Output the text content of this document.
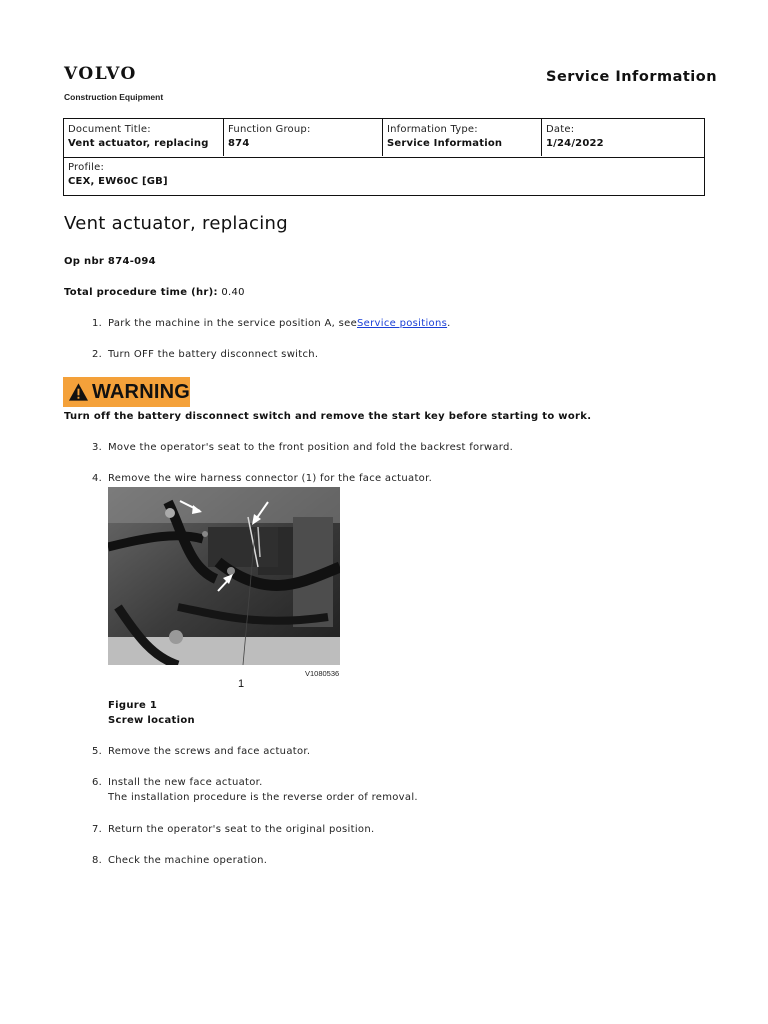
VOLVO
Construction Equipment
Service Information
Document Title:
Vent actuator, replacing
Function Group:
874
Information Type:
Service Information
Date:
1/24/2022
Profile:
CEX, EW60C [GB]
Vent actuator, replacing
Op nbr 874-094
Total procedure time (hr): 0.40
1. Park the machine in the service position A, seeService positions.
2. Turn OFF the battery disconnect switch.
WARNING
Turn off the battery disconnect switch and remove the start key before starting to work.
3. Move the operator's seat to the front position and fold the backrest forward.
4. Remove the wire harness connector (1) for the face actuator.
V1080536
1
Figure 1
Screw location
5. Remove the screws and face actuator.
6. Install the new face actuator.
The installation procedure is the reverse order of removal.
7. Return the operator's seat to the original position.
8. Check the machine operation.
